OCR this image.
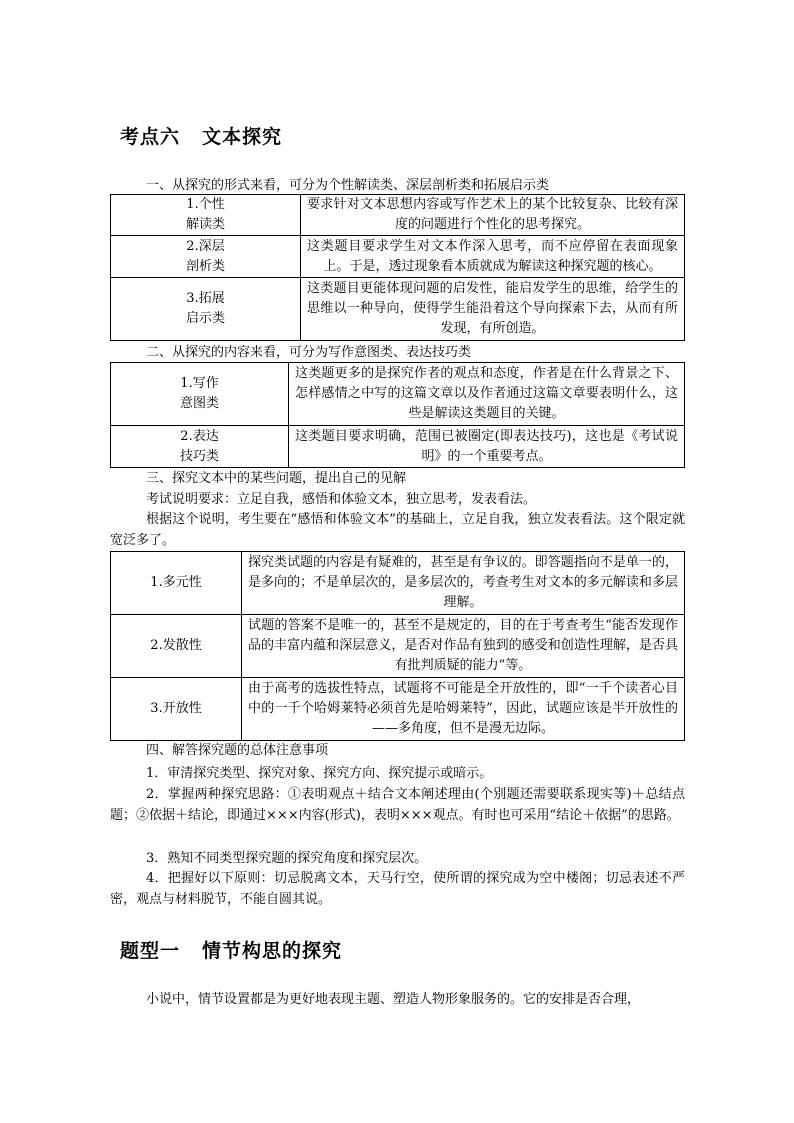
考点六 文本探究
一、从探究的形式来看，可分为个性解读类、深层剖析类和拓展启示类
1.个性
解读类	要求针对文本思想内容或写作艺术上的某个比较复杂、比较有深度的问题进行个性化的思考探究。

2.深层
剖析类	这类题目要求学生对文本作深入思考，而不应停留在表面现象上。于是，透过现象看本质就成为解读这种探究题的核心。

3.拓展
启示类	这类题目更能体现问题的启发性，能启发学生的思维，给学生的思维以一种导向，使得学生能沿着这个导向探索下去，从而有所发现，有所创造。
二、从探究的内容来看，可分为写作意图类、表达技巧类
1.写作
意图类	这类题更多的是探究作者的观点和态度，作者是在什么背景之下、怎样感情之中写的这篇文章以及作者通过这篇文章要表明什么，这些是解读这类题目的关键。

2.表达
技巧类	这类题目要求明确，范围已被圈定(即表达技巧)，这也是《考试说明》的一个重要考点。
三、探究文本中的某些问题，提出自己的见解
考试说明要求：立足自我，感悟和体验文本，独立思考，发表看法。
根据这个说明，考生要在“感悟和体验文本”的基础上，立足自我，独立发表看法。这个限定就宽泛多了。
1.多元性	探究类试题的内容是有疑难的，甚至是有争议的。即答题指向不是单一的，是多向的；不是单层次的，是多层次的，考查考生对文本的多元解读和多层理解。
2.发散性	试题的答案不是唯一的，甚至不是规定的，目的在于考查考生“能否发现作品的丰富内蕴和深层意义，是否对作品有独到的感受和创造性理解，是否具有批判质疑的能力”等。
3.开放性	由于高考的选拔性特点，试题将不可能是全开放性的，即“一千个读者心目中的一千个哈姆莱特必须首先是哈姆莱特”，因此，试题应该是半开放性的——多角度，但不是漫无边际。
四、解答探究题的总体注意事项
1．审清探究类型、探究对象、探究方向、探究提示或暗示。
2．掌握两种探究思路：①表明观点＋结合文本阐述理由(个别题还需要联系现实等)＋总结点题；②依据＋结论，即通过×××内容(形式)，表明×××观点。有时也可采用“结论＋依据”的思路。
3．熟知不同类型探究题的探究角度和探究层次。
4．把握好以下原则：切忌脱离文本，天马行空，使所谓的探究成为空中楼阁；切忌表述不严密，观点与材料脱节，不能自圆其说。
题型一 情节构思的探究
小说中，情节设置都是为更好地表现主题、塑造人物形象服务的。它的安排是否合理，
